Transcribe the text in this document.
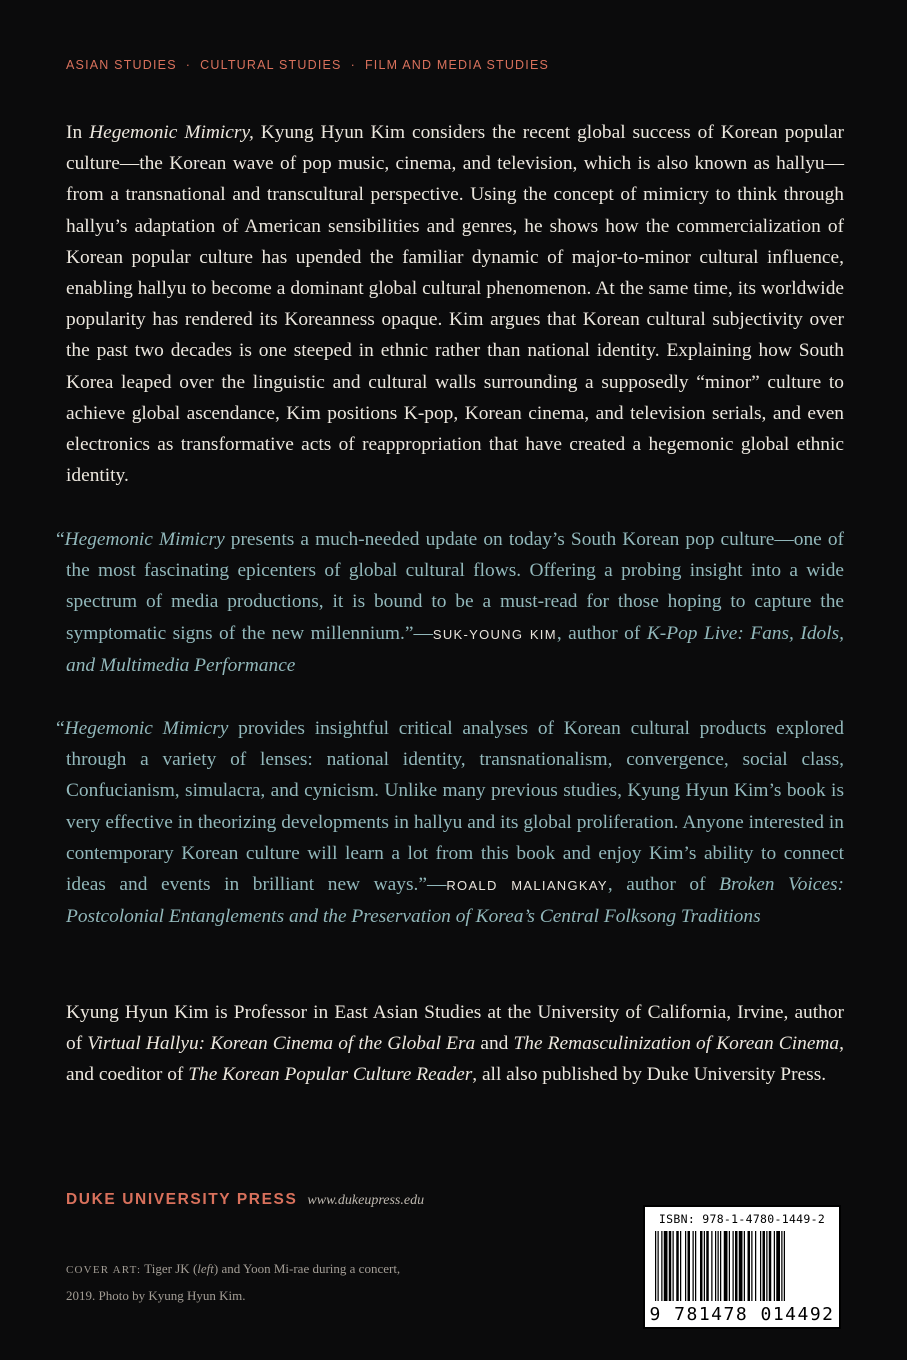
ASIAN STUDIES · CULTURAL STUDIES · FILM AND MEDIA STUDIES
In Hegemonic Mimicry, Kyung Hyun Kim considers the recent global success of Korean popular culture—the Korean wave of pop music, cinema, and television, which is also known as hallyu—from a transnational and transcultural perspective. Using the concept of mimicry to think through hallyu’s adaptation of American sensibilities and genres, he shows how the commercialization of Korean popular culture has upended the familiar dynamic of major-to-minor cultural influence, enabling hallyu to become a dominant global cultural phenomenon. At the same time, its worldwide popularity has rendered its Koreanness opaque. Kim argues that Korean cultural subjectivity over the past two decades is one steeped in ethnic rather than national identity. Explaining how South Korea leaped over the linguistic and cultural walls surrounding a supposedly “minor” culture to achieve global ascendance, Kim positions K-pop, Korean cinema, and television serials, and even electronics as transformative acts of reappropriation that have created a hegemonic global ethnic identity.
“Hegemonic Mimicry presents a much-needed update on today’s South Korean pop culture—one of the most fascinating epicenters of global cultural flows. Offering a probing insight into a wide spectrum of media productions, it is bound to be a must-read for those hoping to capture the symptomatic signs of the new millennium.”—SUK-YOUNG KIM, author of K-Pop Live: Fans, Idols, and Multimedia Performance
“Hegemonic Mimicry provides insightful critical analyses of Korean cultural products explored through a variety of lenses: national identity, transnationalism, convergence, social class, Confucianism, simulacra, and cynicism. Unlike many previous studies, Kyung Hyun Kim’s book is very effective in theorizing developments in hallyu and its global proliferation. Anyone interested in contemporary Korean culture will learn a lot from this book and enjoy Kim’s ability to connect ideas and events in brilliant new ways.”—ROALD MALIANGKAY, author of Broken Voices: Postcolonial Entanglements and the Preservation of Korea’s Central Folksong Traditions
Kyung Hyun Kim is Professor in East Asian Studies at the University of California, Irvine, author of Virtual Hallyu: Korean Cinema of the Global Era and The Remasculinization of Korean Cinema, and coeditor of The Korean Popular Culture Reader, all also published by Duke University Press.
DUKE UNIVERSITY PRESS www.dukeupress.edu
COVER ART: Tiger JK (left) and Yoon Mi-rae during a concert, 2019. Photo by Kyung Hyun Kim.
ISBN: 978-1-4780-1449-2
9 781478 014492
